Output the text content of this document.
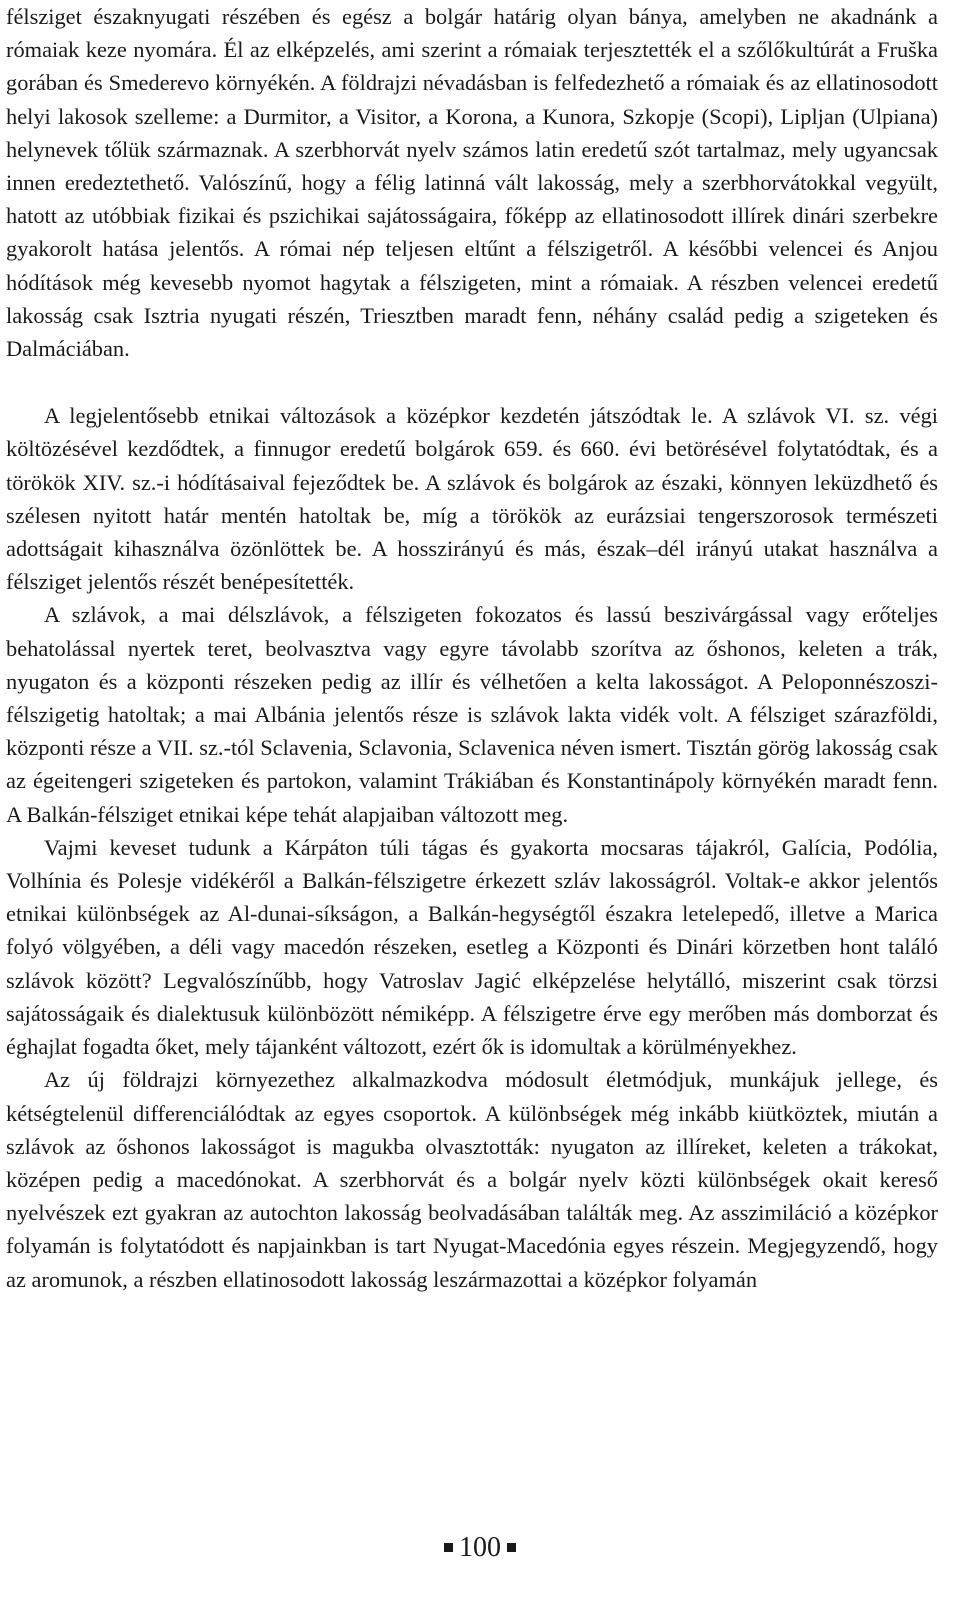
félsziget északnyugati részében és egész a bolgár határig olyan bánya, amelyben ne akadnánk a rómaiak keze nyomára. Él az elképzelés, ami szerint a rómaiak terjesztették el a szőlőkultúrát a Fruška gorában és Smederevo környékén. A földrajzi névadásban is felfedezhető a rómaiak és az ellatinosodott helyi lakosok szelleme: a Durmitor, a Visitor, a Korona, a Kunora, Szkopje (Scopi), Lipljan (Ulpiana) helynevek tőlük származnak. A szerbhorvát nyelv számos latin eredetű szót tartalmaz, mely ugyancsak innen eredeztethető. Valószínű, hogy a félig latinná vált lakosság, mely a szerbhorvátokkal vegyült, hatott az utóbbiak fizikai és pszichikai sajátosságaira, főképp az ellatinosodott illírek dinári szerbekre gyakorolt hatása jelentős. A római nép teljesen eltűnt a félszigetről. A későbbi velencei és Anjou hódítások még kevesebb nyomot hagytak a félszigeten, mint a rómaiak. A részben velencei eredetű lakosság csak Isztria nyugati részén, Triesztben maradt fenn, néhány család pedig a szigeteken és Dalmáciában.

A legjelentősebb etnikai változások a középkor kezdetén játszódtak le. A szlávok VI. sz. végi költözésével kezdődtek, a finnugor eredetű bolgárok 659. és 660. évi betörésével folytatódtak, és a törökök XIV. sz.-i hódításaival fejeződtek be. A szlávok és bolgárok az északi, könnyen leküzdhető és szélesen nyitott határ mentén hatoltak be, míg a törökök az eurázsiai tengerszorosok természeti adottságait kihasználva özönlöttek be. A hosszirányú és más, észak–dél irányú utakat használva a félsziget jelentős részét benépesítették.

A szlávok, a mai délszlávok, a félszigeten fokozatos és lassú beszivárgással vagy erőteljes behatolással nyertek teret, beolvasztva vagy egyre távolabb szorítva az őshonos, keleten a trák, nyugaton és a központi részeken pedig az illír és vélhetően a kelta lakosságot. A Peloponnészoszi-félszigetig hatoltak; a mai Albánia jelentős része is szlávok lakta vidék volt. A félsziget szárazföldi, központi része a VII. sz.-tól Sclavenia, Sclavonia, Sclavenica néven ismert. Tisztán görög lakosság csak az égeitengeri szigeteken és partokon, valamint Trákiában és Konstantinápoly környékén maradt fenn. A Balkán-félsziget etnikai képe tehát alapjaiban változott meg.

Vajmi keveset tudunk a Kárpáton túli tágas és gyakorta mocsaras tájakról, Galícia, Podólia, Volhínia és Polesje vidékéről a Balkán-félszigetre érkezett szláv lakosságról. Voltak-e akkor jelentős etnikai különbségek az Al-dunai-síkságon, a Balkán-hegységtől északra letelepedő, illetve a Marica folyó völgyében, a déli vagy macedón részeken, esetleg a Központi és Dinári körzetben hont találó szlávok között? Legvalószínűbb, hogy Vatroslav Jagić elképzelése helytálló, miszerint csak törzsi sajátosságaik és dialektusuk különbözött némiképp. A félszigetre érve egy merőben más domborzat és éghajlat fogadta őket, mely tájanként változott, ezért ők is idomultak a körülményekhez.

Az új földrajzi környezethez alkalmazkodva módosult életmódjuk, munkájuk jellege, és kétségtelenül differenciálódtak az egyes csoportok. A különbségek még inkább kiütköztek, miután a szlávok az őshonos lakosságot is magukba olvasztották: nyugaton az illíreket, keleten a trákokat, középen pedig a macedónokat. A szerbhorvát és a bolgár nyelv közti különbségek okait kereső nyelvészek ezt gyakran az autochton lakosság beolvadásában találták meg. Az asszimiláció a középkor folyamán is folytatódott és napjainkban is tart Nyugat-Macedónia egyes részein. Megjegyzendő, hogy az aromunok, a részben ellatinosodott lakosság leszármazottai a középkor folyamán

100
